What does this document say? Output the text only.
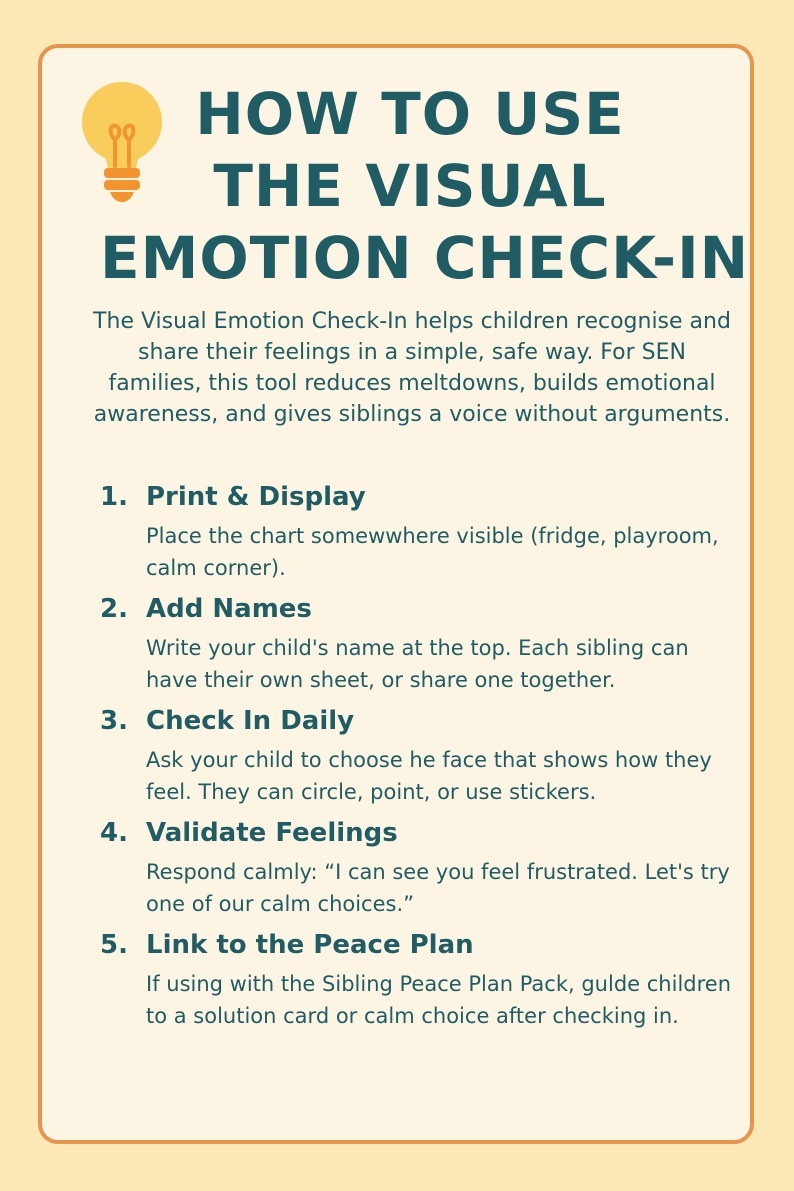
HOW TO USE
THE VISUAL
EMOTION CHECK-IN

The Visual Emotion Check-In helps children recognise and share their feelings in a simple, safe way. For SEN families, this tool reduces meltdowns, builds emotional awareness, and gives siblings a voice without arguments.

1. Print & Display

Place the chart somewwhere visible (fridge, playroom, calm corner).

2. Add Names

Write your child's name at the top. Each sibling can have their own sheet, or share one together.

3. Check In Daily

Ask your child to choose he face that shows how they feel. They can circle, point, or use stickers.

4. Validate Feelings

Respond calmly: “I can see you feel frustrated. Let's try one of our calm choices.”

5. Link to the Peace Plan

If using with the Sibling Peace Plan Pack, gulde children to a solution card or calm choice after checking in.
